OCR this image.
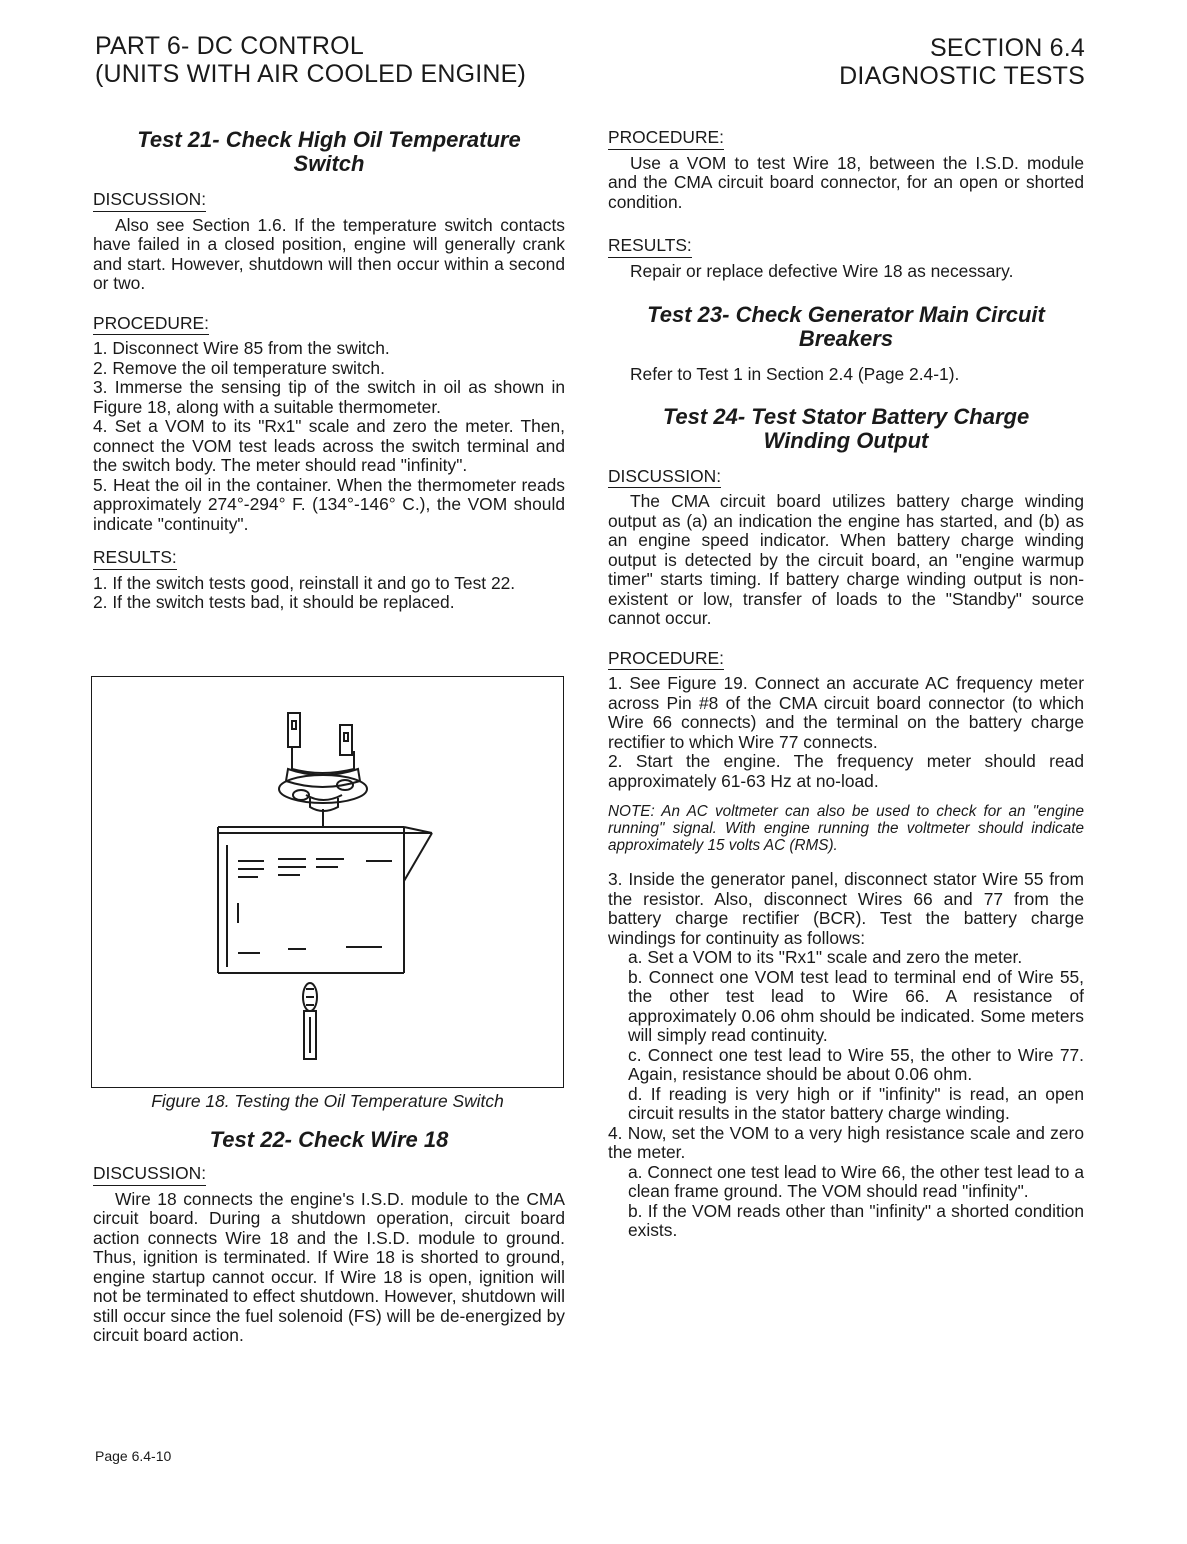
PART 6- DC CONTROL
(UNITS WITH AIR COOLED ENGINE)
SECTION 6.4
DIAGNOSTIC TESTS
Test 21- Check High Oil Temperature
Switch
DISCUSSION:

Also see Section 1.6. If the temperature switch contacts have failed in a closed position, engine will generally crank and start. However, shutdown will then occur within a second or two.

PROCEDURE:

1. Disconnect Wire 85 from the switch.

2. Remove the oil temperature switch.

3. Immerse the sensing tip of the switch in oil as shown in Figure 18, along with a suitable thermometer.

4. Set a VOM to its "Rx1" scale and zero the meter. Then, connect the VOM test leads across the switch terminal and the switch body. The meter should read "infinity".

5. Heat the oil in the container. When the thermometer reads approximately 274°-294° F. (134°-146° C.), the VOM should indicate "continuity".

RESULTS:

1. If the switch tests good, reinstall it and go to Test 22.

2. If the switch tests bad, it should be replaced.

Figure 18. Testing the Oil Temperature Switch
Test 22- Check Wire 18
DISCUSSION:

Wire 18 connects the engine's I.S.D. module to the CMA circuit board. During a shutdown operation, circuit board action connects Wire 18 and the I.S.D. module to ground. Thus, ignition is terminated. If Wire 18 is shorted to ground, engine startup cannot occur. If Wire 18 is open, ignition will not be terminated to effect shutdown. However, shutdown will still occur since the fuel solenoid (FS) will be de-energized by circuit board action.

PROCEDURE:

Use a VOM to test Wire 18, between the I.S.D. module and the CMA circuit board connector, for an open or shorted condition.

RESULTS:

Repair or replace defective Wire 18 as necessary.

Test 23- Check Generator Main Circuit
Breakers

Refer to Test 1 in Section 2.4 (Page 2.4-1).

Test 24- Test Stator Battery Charge
Winding Output
DISCUSSION:

The CMA circuit board utilizes battery charge winding output as (a) an indication the engine has started, and (b) as an engine speed indicator. When battery charge winding output is detected by the circuit board, an "engine warmup timer" starts timing. If battery charge winding output is non-existent or low, transfer of loads to the "Standby" source cannot occur.

PROCEDURE:

1. See Figure 19. Connect an accurate AC frequency meter across Pin #8 of the CMA circuit board connector (to which Wire 66 connects) and the terminal on the battery charge rectifier to which Wire 77 connects.

2. Start the engine. The frequency meter should read approximately 61-63 Hz at no-load.

NOTE: An AC voltmeter can also be used to check for an "engine running" signal. With engine running the voltmeter should indicate approximately 15 volts AC (RMS).

3. Inside the generator panel, disconnect stator Wire 55 from the resistor. Also, disconnect Wires 66 and 77 from the battery charge rectifier (BCR). Test the battery charge windings for continuity as follows:

a. Set a VOM to its "Rx1" scale and zero the meter.

b. Connect one VOM test lead to terminal end of Wire 55, the other test lead to Wire 66. A resistance of approximately 0.06 ohm should be indicated. Some meters will simply read continuity.

c. Connect one test lead to Wire 55, the other to Wire 77. Again, resistance should be about 0.06 ohm.

d. If reading is very high or if "infinity" is read, an open circuit results in the stator battery charge winding.

4. Now, set the VOM to a very high resistance scale and zero the meter.

a. Connect one test lead to Wire 66, the other test lead to a clean frame ground. The VOM should read "infinity".

b. If the VOM reads other than "infinity" a shorted condition exists.

Page 6.4-10
